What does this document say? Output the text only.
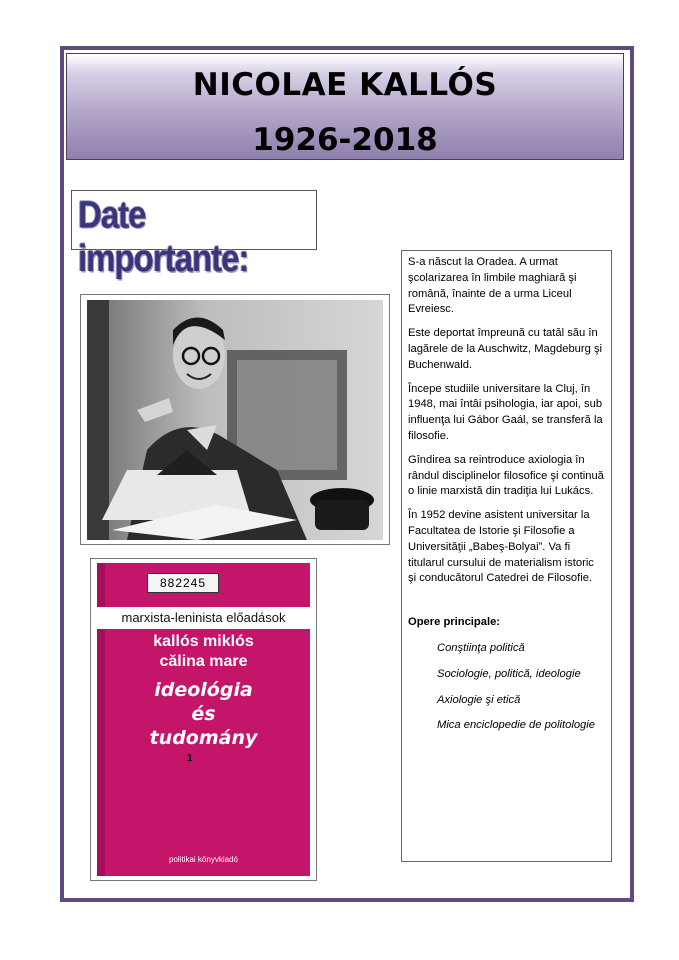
NICOLAE KALLÓS
1926-2018
Date importante:
882245
marxista-leninista előadások
kallós miklós
călina mare
ideológia
és
tudomány
1
politikai könyvkiadó

S-a născut la Oradea. A urmat şcolarizarea în limbile maghiară şi română, înainte de a urma Liceul Evreiesc.

Este deportat împreună cu tatăl său în lagărele de la Auschwitz, Magdeburg şi Buchenwald.

Începe studiile universitare la Cluj, în 1948, mai întâi psihologia, iar apoi, sub influenţa lui Gábor Gaál, se transferă la filosofie.

Gîndirea sa reintroduce axiologia în rândul disciplinelor filosofice şi continuă o linie marxistă din tradiţia lui Lukács.

În 1952 devine asistent universitar la Facultatea de Istorie şi Filosofie a Universităţii „Babeş-Bolyai”. Va fi titularul cursului de materialism istoric şi conducătorul Catedrei de Filosofie.

Opere principale:

Conştiinţa politică

Sociologie, politică, ideologie

Axiologie şi etică

Mica enciclopedie de politologie
